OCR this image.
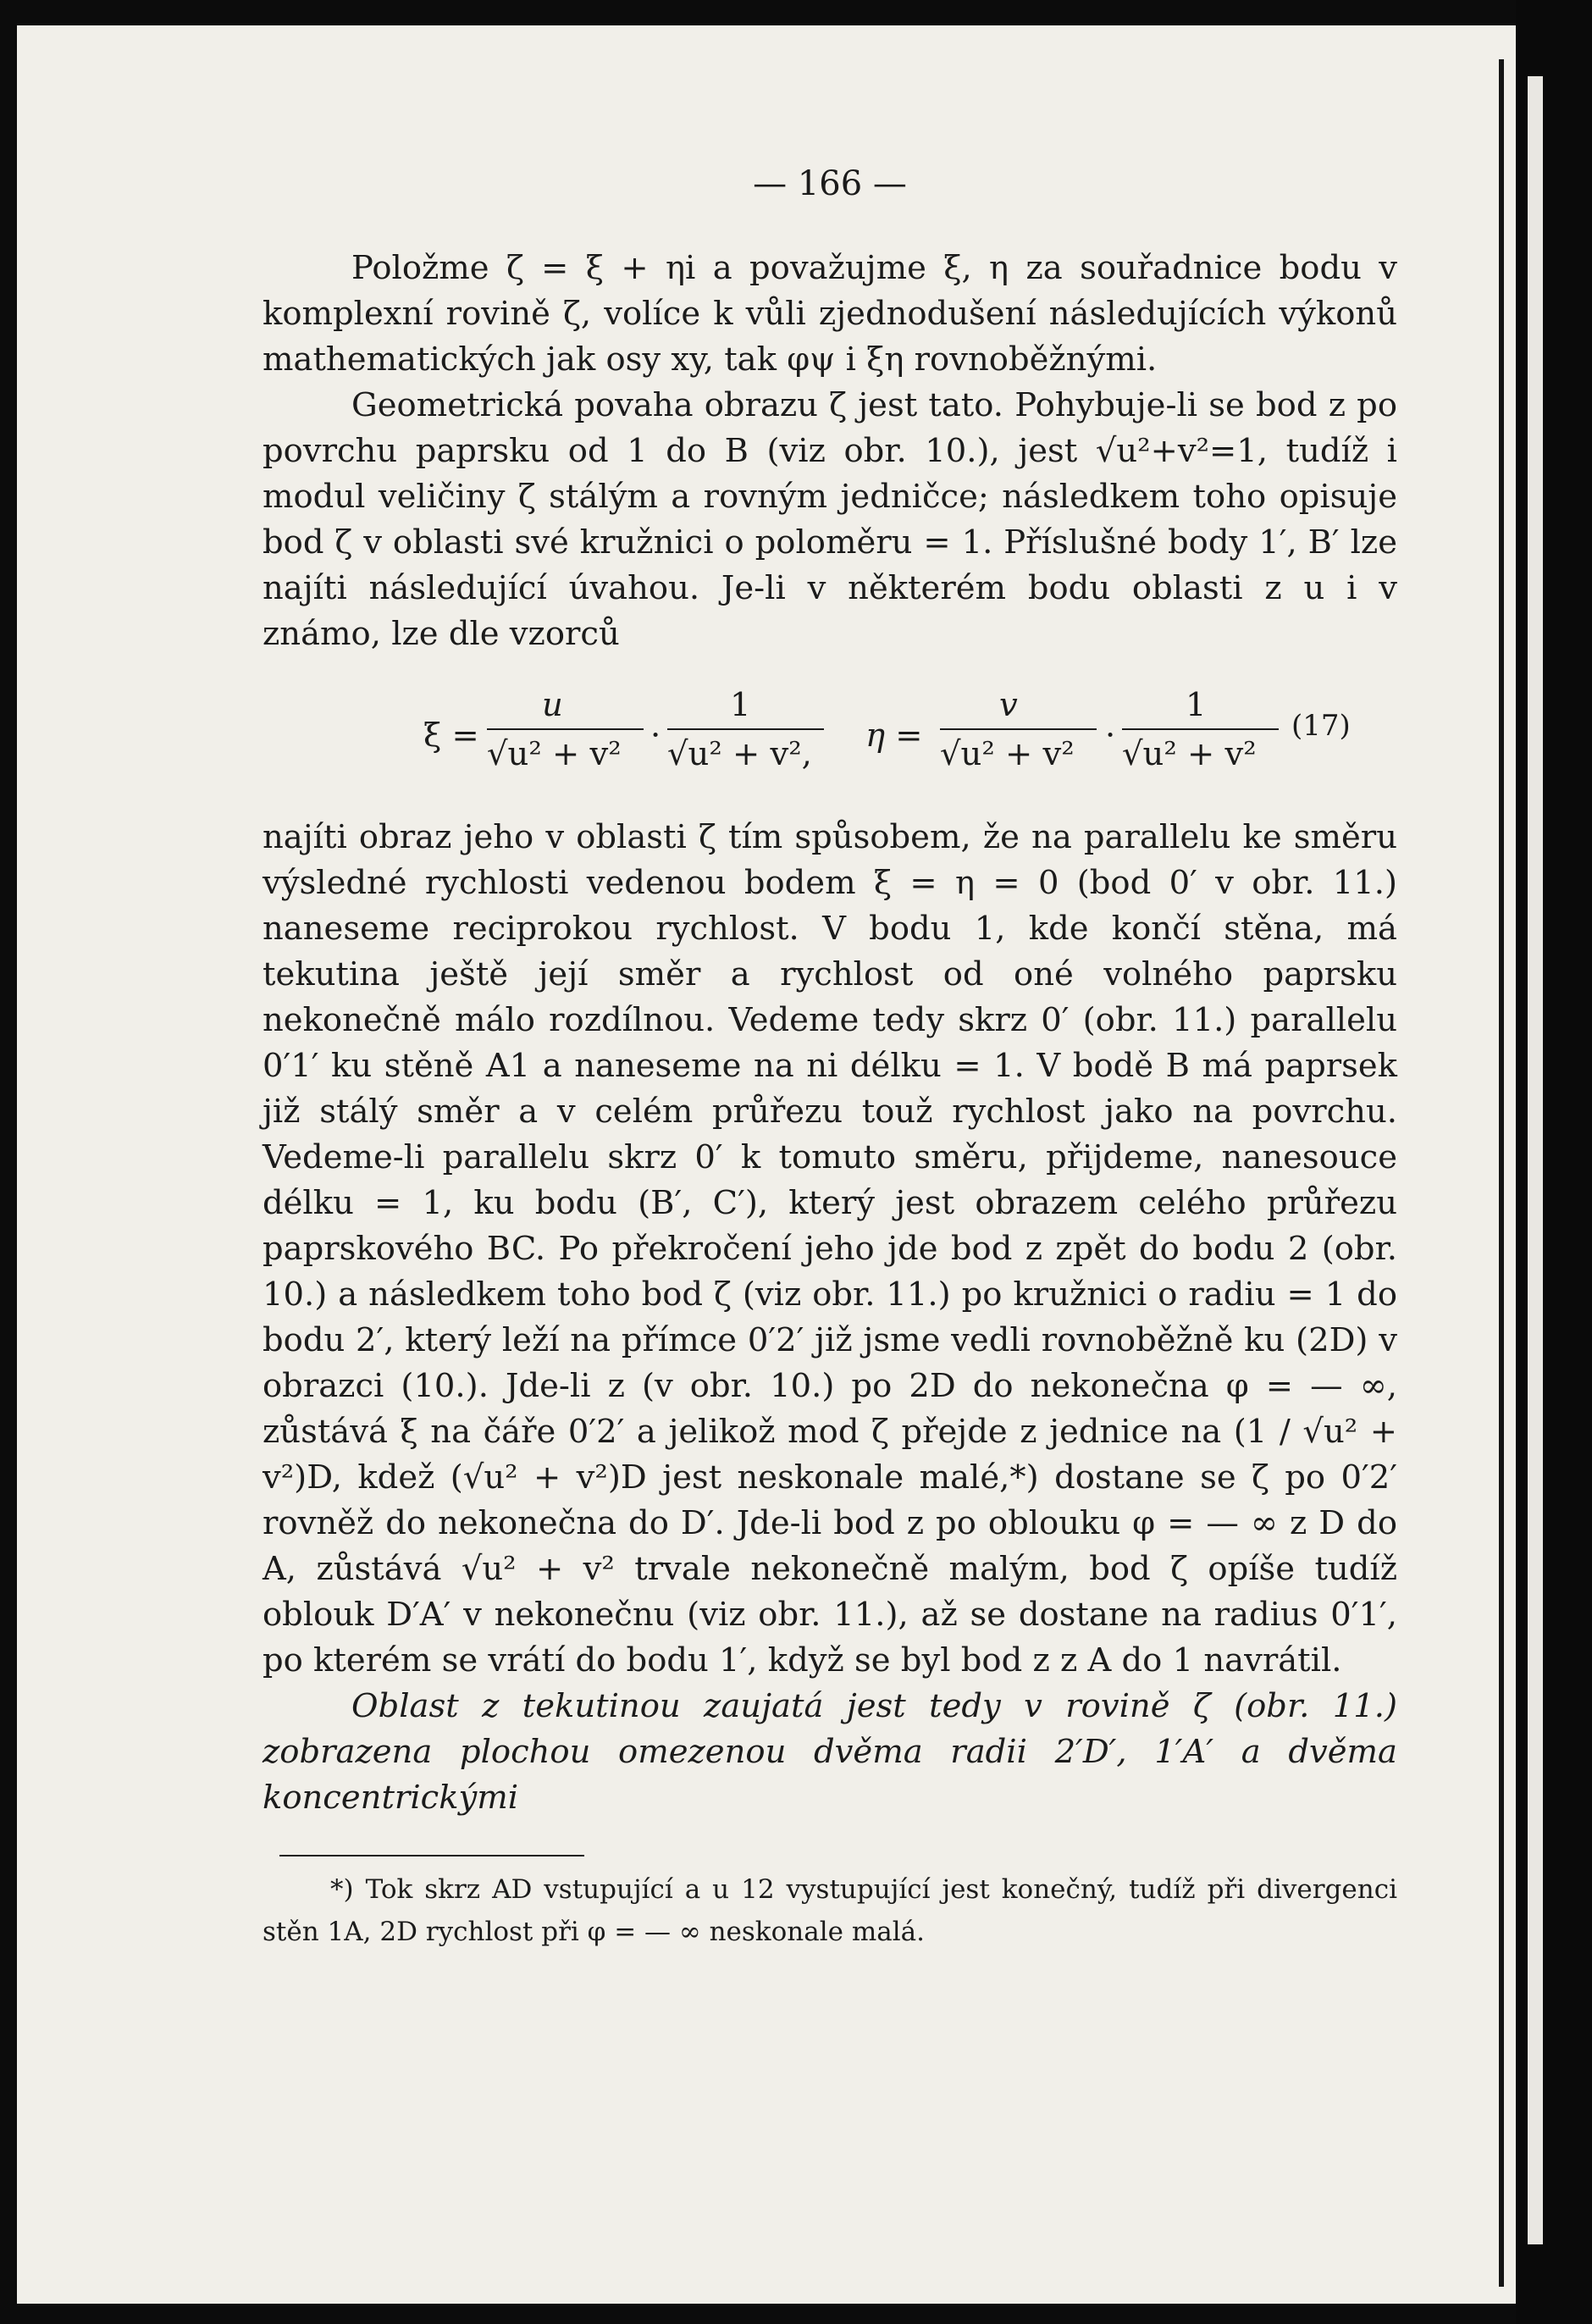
— 166 —

Položme ζ = ξ + ηi a považujme ξ, η za souřadnice bodu v komplexní rovině ζ, volíce k vůli zjednodušení následujících výkonů mathematických jak osy xy, tak φψ i ξη rovnoběžnými.

Geometrická povaha obrazu ζ jest tato. Pohybuje-li se bod z po povrchu paprsku od 1 do B (viz obr. 10.), jest √u²+v²=1, tudíž i modul veličiny ζ stálým a rovným jedničce; následkem toho opisuje bod ζ v oblasti své kružnici o poloměru = 1. Příslušné body 1′, B′ lze najíti následující úvahou. Je-li v některém bodu oblasti z u i v známo, lze dle vzorců

ξ =
u
√u² + v² ·
1
√u² + v², η =
v
√u² + v² ·
1
√u² + v²
(17)

najíti obraz jeho v oblasti ζ tím spůsobem, že na parallelu ke směru výsledné rychlosti vedenou bodem ξ = η = 0 (bod 0′ v obr. 11.) naneseme reciprokou rychlost. V bodu 1, kde končí stěna, má tekutina ještě její směr a rychlost od oné volného paprsku nekonečně málo rozdílnou. Vedeme tedy skrz 0′ (obr. 11.) parallelu 0′1′ ku stěně A1 a naneseme na ni délku = 1. V bodě B má paprsek již stálý směr a v celém průřezu touž rychlost jako na povrchu. Vedeme-li parallelu skrz 0′ k tomuto směru, přijdeme, nanesouce délku = 1, ku bodu (B′, C′), který jest obrazem celého průřezu paprskového BC. Po překročení jeho jde bod z zpět do bodu 2 (obr. 10.) a následkem toho bod ζ (viz obr. 11.) po kružnici o radiu = 1 do bodu 2′, který leží na přímce 0′2′ již jsme vedli rovnoběžně ku (2D) v obrazci (10.). Jde-li z (v obr. 10.) po 2D do nekonečna φ = — ∞, zůstává ξ na čáře 0′2′ a jelikož mod ζ přejde z jednice na (1 / √u² + v²)D, kdež (√u² + v²)D jest neskonale malé,*) dostane se ζ po 0′2′ rovněž do nekonečna do D′. Jde-li bod z po oblouku φ = — ∞ z D do A, zůstává √u² + v² trvale nekonečně malým, bod ζ opíše tudíž oblouk D′A′ v nekonečnu (viz obr. 11.), až se dostane na radius 0′1′, po kterém se vrátí do bodu 1′, když se byl bod z z A do 1 navrátil.

Oblast z tekutinou zaujatá jest tedy v rovině ζ (obr. 11.) zobrazena plochou omezenou dvěma radii 2′D′, 1′A′ a dvěma koncentrickými

*) Tok skrz AD vstupující a u 12 vystupující jest konečný, tudíž při divergenci stěn 1A, 2D rychlost při φ = — ∞ neskonale malá.
